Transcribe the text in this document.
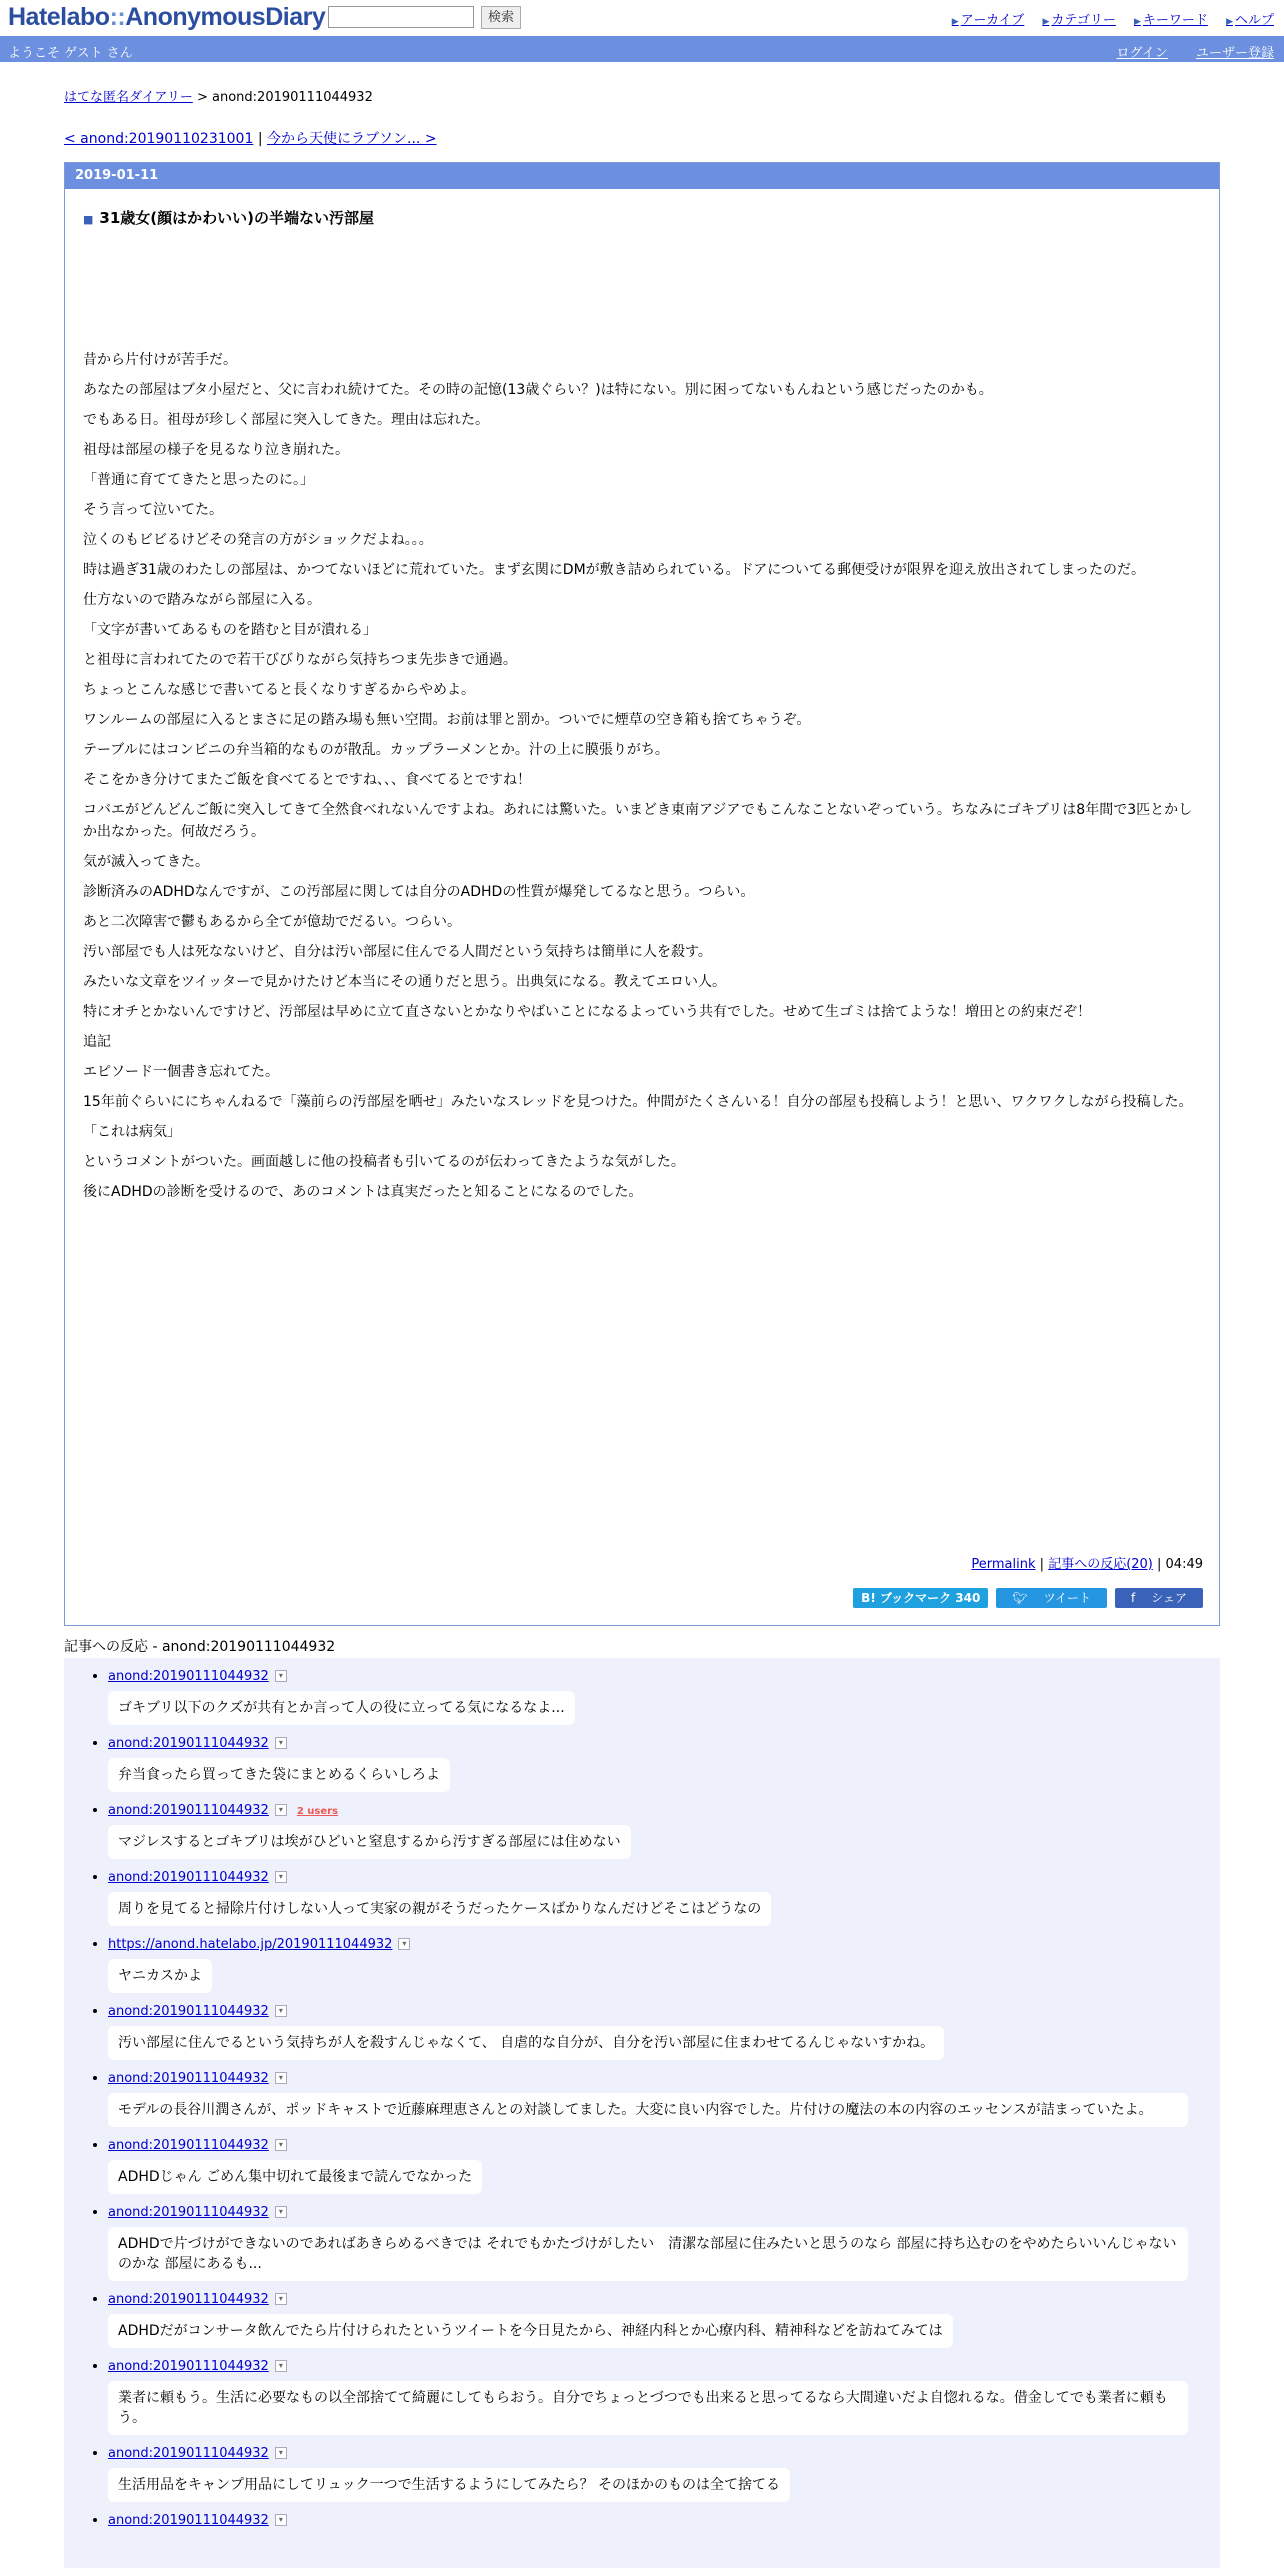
Hatelabo::AnonymousDiary	検索	▶ アーカイブ ▶ カテゴリー ▶ キーワード ▶ ヘルプ
ようこそ ゲスト さん	ログイン ユーザー登録
はてな匿名ダイアリー > anond:20190111044932
< anond:20190110231001 | 今から天使にラブソン... >
2019-01-11
■ 31歳女(顔はかわいい)の半端ない汚部屋

昔から片付けが苦手だ。

あなたの部屋はブタ小屋だと、父に言われ続けてた。その時の記憶(13歳ぐらい？)は特にない。別に困ってないもんねという感じだったのかも。

でもある日。祖母が珍しく部屋に突入してきた。理由は忘れた。

祖母は部屋の様子を見るなり泣き崩れた。

「普通に育ててきたと思ったのに。」

そう言って泣いてた。

泣くのもビビるけどその発言の方がショックだよね。。。

時は過ぎ31歳のわたしの部屋は、かつてないほどに荒れていた。まず玄関にDMが敷き詰められている。ドアについてる郵便受けが限界を迎え放出されてしまったのだ。

仕方ないので踏みながら部屋に入る。

「文字が書いてあるものを踏むと目が潰れる」

と祖母に言われてたので若干びびりながら気持ちつま先歩きで通過。

ちょっとこんな感じで書いてると長くなりすぎるからやめよ。

ワンルームの部屋に入るとまさに足の踏み場も無い空間。お前は罪と罰か。ついでに煙草の空き箱も捨てちゃうぞ。

テーブルにはコンビニの弁当箱的なものが散乱。カップラーメンとか。汁の上に膜張りがち。

そこをかき分けてまたご飯を食べてるとですね、、、食べてるとですね！

コバエがどんどんご飯に突入してきて全然食べれないんですよね。あれには驚いた。いまどき東南アジアでもこんなことないぞっていう。ちなみにゴキブリは8年間で3匹とかしか出なかった。何故だろう。

気が滅入ってきた。

診断済みのADHDなんですが、この汚部屋に関しては自分のADHDの性質が爆発してるなと思う。つらい。

あと二次障害で鬱もあるから全てが億劫でだるい。つらい。

汚い部屋でも人は死なないけど、自分は汚い部屋に住んでる人間だという気持ちは簡単に人を殺す。

みたいな文章をツイッターで見かけたけど本当にその通りだと思う。出典気になる。教えてエロい人。

特にオチとかないんですけど、汚部屋は早めに立て直さないとかなりやばいことになるよっていう共有でした。せめて生ゴミは捨てような！増田との約束だぞ！

追記

エピソード一個書き忘れてた。

15年前ぐらいににちゃんねるで「藻前らの汚部屋を晒せ」みたいなスレッドを見つけた。仲間がたくさんいる！自分の部屋も投稿しよう！と思い、ワクワクしながら投稿した。

「これは病気」

というコメントがついた。画面越しに他の投稿者も引いてるのが伝わってきたような気がした。

後にADHDの診断を受けるので、あのコメントは真実だったと知ることになるのでした。

Permalink | 記事への反応(20) | 04:49
B! ブックマーク 340	🐦︎ツイート	fシェア
記事への反応 - anond:20190111044932
• anond:20190111044932 ▾
ゴキブリ以下のクズが共有とか言って人の役に立ってる気になるなよ...
• anond:20190111044932 ▾
弁当食ったら買ってきた袋にまとめるくらいしろよ
• anond:20190111044932 ▾ 2 users
マジレスするとゴキブリは埃がひどいと窒息するから汚すぎる部屋には住めない
• anond:20190111044932 ▾
周りを見てると掃除片付けしない人って実家の親がそうだったケースばかりなんだけどそこはどうなの
• https://anond.hatelabo.jp/20190111044932 ▾
ヤニカスかよ
• anond:20190111044932 ▾
汚い部屋に住んでるという気持ちが人を殺すんじゃなくて、 自虐的な自分が、自分を汚い部屋に住まわせてるんじゃないすかね。
• anond:20190111044932 ▾
モデルの長谷川潤さんが、ポッドキャストで近藤麻理恵さんとの対談してました。大変に良い内容でした。片付けの魔法の本の内容のエッセンスが詰まっていたよ。
• anond:20190111044932 ▾
ADHDじゃん ごめん集中切れて最後まで読んでなかった
• anond:20190111044932 ▾
ADHDで片づけができないのであればあきらめるべきでは それでもかたづけがしたい　清潔な部屋に住みたいと思うのなら 部屋に持ち込むのをやめたらいいんじゃないのかな 部屋にあるも...
• anond:20190111044932 ▾
ADHDだがコンサータ飲んでたら片付けられたというツイートを今日見たから、神経内科とか心療内科、精神科などを訪ねてみては
• anond:20190111044932 ▾
業者に頼もう。生活に必要なもの以全部捨てて綺麗にしてもらおう。自分でちょっとづつでも出来ると思ってるなら大間違いだよ自惚れるな。借金してでも業者に頼もう。
• anond:20190111044932 ▾
生活用品をキャンプ用品にしてリュック一つで生活するようにしてみたら？ そのほかのものは全て捨てる
• anond:20190111044932 ▾
